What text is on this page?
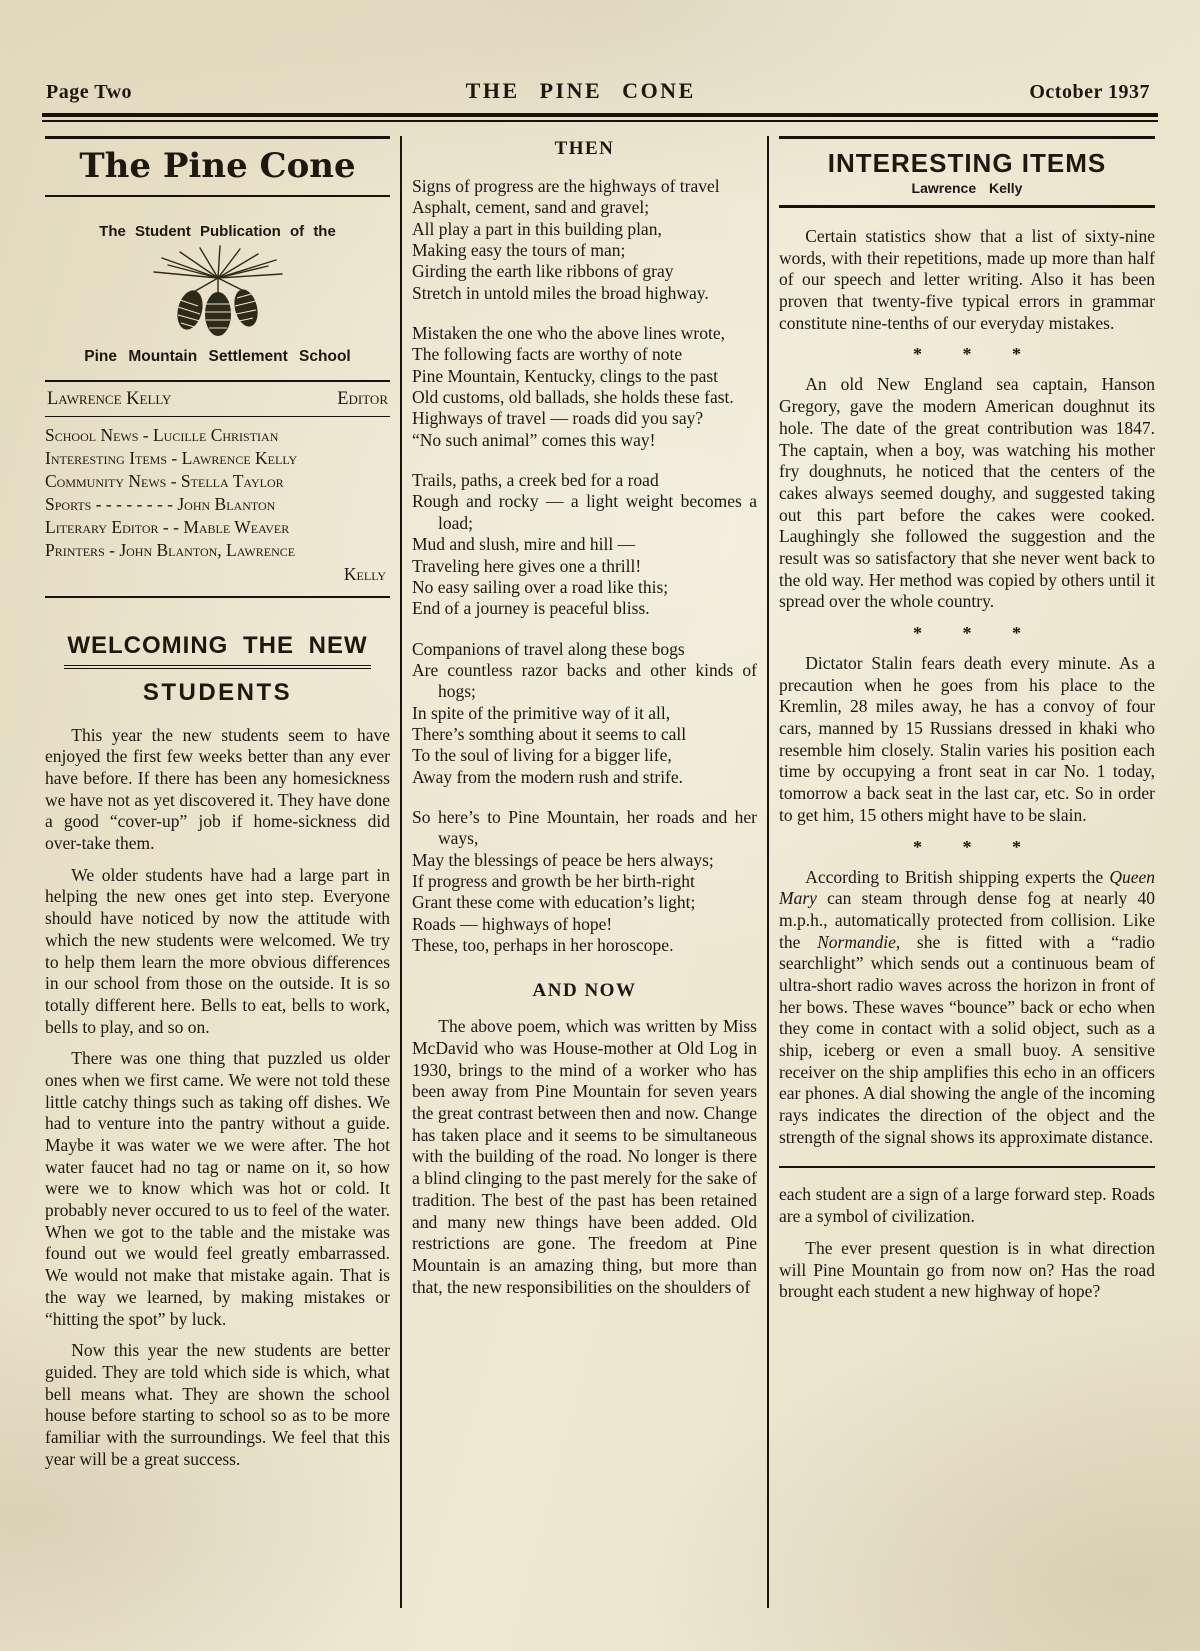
Page Two	THE PINE CONE	October 1937
The Pine Cone
The Student Publication of the
Pine Mountain Settlement School
Lawrence Kelly	Editor
School News - Lucille Christian
Interesting Items - Lawrence Kelly
Community News - Stella Taylor
Sports - - - - - - - - John Blanton
Literary Editor - - Mable Weaver
Printers - John Blanton, Lawrence
Kelly
WELCOMING THE NEW
STUDENTS

This year the new students seem to have enjoyed the first few weeks better than any ever have before. If there has been any homesickness we have not as yet discovered it. They have done a good “cover-up” job if home-sickness did over-take them.

We older students have had a large part in helping the new ones get into step. Everyone should have noticed by now the attitude with which the new students were welcomed. We try to help them learn the more obvious differences in our school from those on the outside. It is so totally different here. Bells to eat, bells to work, bells to play, and so on.

There was one thing that puzzled us older ones when we first came. We were not told these little catchy things such as taking off dishes. We had to venture into the pantry without a guide. Maybe it was water we we were after. The hot water faucet had no tag or name on it, so how were we to know which was hot or cold. It probably never occured to us to feel of the water. When we got to the table and the mistake was found out we would feel greatly embarrassed. We would not make that mistake again. That is the way we learned, by making mistakes or “hitting the spot” by luck.

Now this year the new students are better guided. They are told which side is which, what bell means what. They are shown the school house before starting to school so as to be more familiar with the surroundings. We feel that this year will be a great success.

THEN
Signs of progress are the highways of travel
Asphalt, cement, sand and gravel;
All play a part in this building plan,
Making easy the tours of man;
Girding the earth like ribbons of gray
Stretch in untold miles the broad highway.
Mistaken the one who the above lines wrote,
The following facts are worthy of note
Pine Mountain, Kentucky, clings to the past
Old customs, old ballads, she holds these fast.
Highways of travel — roads did you say?
“No such animal” comes this way!
Trails, paths, a creek bed for a road
Rough and rocky — a light weight becomes a load;
Mud and slush, mire and hill —
Traveling here gives one a thrill!
No easy sailing over a road like this;
End of a journey is peaceful bliss.
Companions of travel along these bogs
Are countless razor backs and other kinds of hogs;
In spite of the primitive way of it all,
There’s somthing about it seems to call
To the soul of living for a bigger life,
Away from the modern rush and strife.
So here’s to Pine Mountain, her roads and her ways,
May the blessings of peace be hers always;
If progress and growth be her birth-right
Grant these come with education’s light;
Roads — highways of hope!
These, too, perhaps in her horoscope.
AND NOW

The above poem, which was written by Miss McDavid who was House-mother at Old Log in 1930, brings to the mind of a worker who has been away from Pine Mountain for seven years the great contrast between then and now. Change has taken place and it seems to be simultaneous with the building of the road. No longer is there a blind clinging to the past merely for the sake of tradition. The best of the past has been retained and many new things have been added. Old restrictions are gone. The freedom at Pine Mountain is an amazing thing, but more than that, the new responsibilities on the shoulders of

INTERESTING ITEMS
Lawrence Kelly

Certain statistics show that a list of sixty-nine words, with their repetitions, made up more than half of our speech and letter writing. Also it has been proven that twenty-five typical errors in grammar constitute nine-tenths of our everyday mistakes.

* * *

An old New England sea captain, Hanson Gregory, gave the modern American doughnut its hole. The date of the great contribution was 1847. The captain, when a boy, was watching his mother fry doughnuts, he noticed that the centers of the cakes always seemed doughy, and suggested taking out this part before the cakes were cooked. Laughingly she followed the suggestion and the result was so satisfactory that she never went back to the old way. Her method was copied by others until it spread over the whole country.

* * *

Dictator Stalin fears death every minute. As a precaution when he goes from his place to the Kremlin, 28 miles away, he has a convoy of four cars, manned by 15 Russians dressed in khaki who resemble him closely. Stalin varies his position each time by occupying a front seat in car No. 1 today, tomorrow a back seat in the last car, etc. So in order to get him, 15 others might have to be slain.

* * *

According to British shipping experts the Queen Mary can steam through dense fog at nearly 40 m.p.h., automatically protected from collision. Like the Normandie, she is fitted with a “radio searchlight” which sends out a continuous beam of ultra-short radio waves across the horizon in front of her bows. These waves “bounce” back or echo when they come in contact with a solid object, such as a ship, iceberg or even a small buoy. A sensitive receiver on the ship amplifies this echo in an officers ear phones. A dial showing the angle of the incoming rays indicates the direction of the object and the strength of the signal shows its approximate distance.

each student are a sign of a large forward step. Roads are a symbol of civilization.

The ever present question is in what direction will Pine Mountain go from now on? Has the road brought each student a new highway of hope?
